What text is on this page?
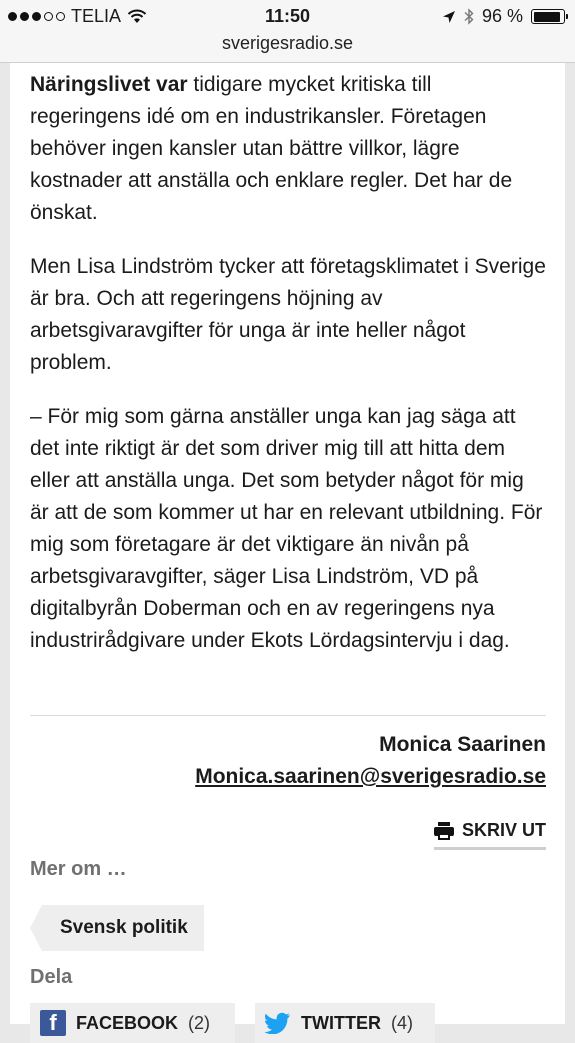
TELIA	11:50	96 %
sverigesradio.se

Näringslivet var tidigare mycket kritiska till regeringens idé om en industrikansler. Företagen behöver ingen kansler utan bättre villkor, lägre kostnader att anställa och enklare regler. Det har de önskat.

Men Lisa Lindström tycker att företagsklimatet i Sverige är bra. Och att regeringens höjning av arbetsgivaravgifter för unga är inte heller något problem.

– För mig som gärna anställer unga kan jag säga att det inte riktigt är det som driver mig till att hitta dem eller att anställa unga. Det som betyder något för mig är att de som kommer ut har en relevant utbildning. För mig som företagare är det viktigare än nivån på arbetsgivaravgifter, säger Lisa Lindström, VD på digitalbyrån Doberman och en av regeringens nya industrirådgivare under Ekots Lördagsintervju i dag.

Monica Saarinen
Monica.saarinen@sverigesradio.se
SKRIV UT
Mer om …
Svensk politik
Dela
f	FACEBOOK (2)	TWITTER (4)
